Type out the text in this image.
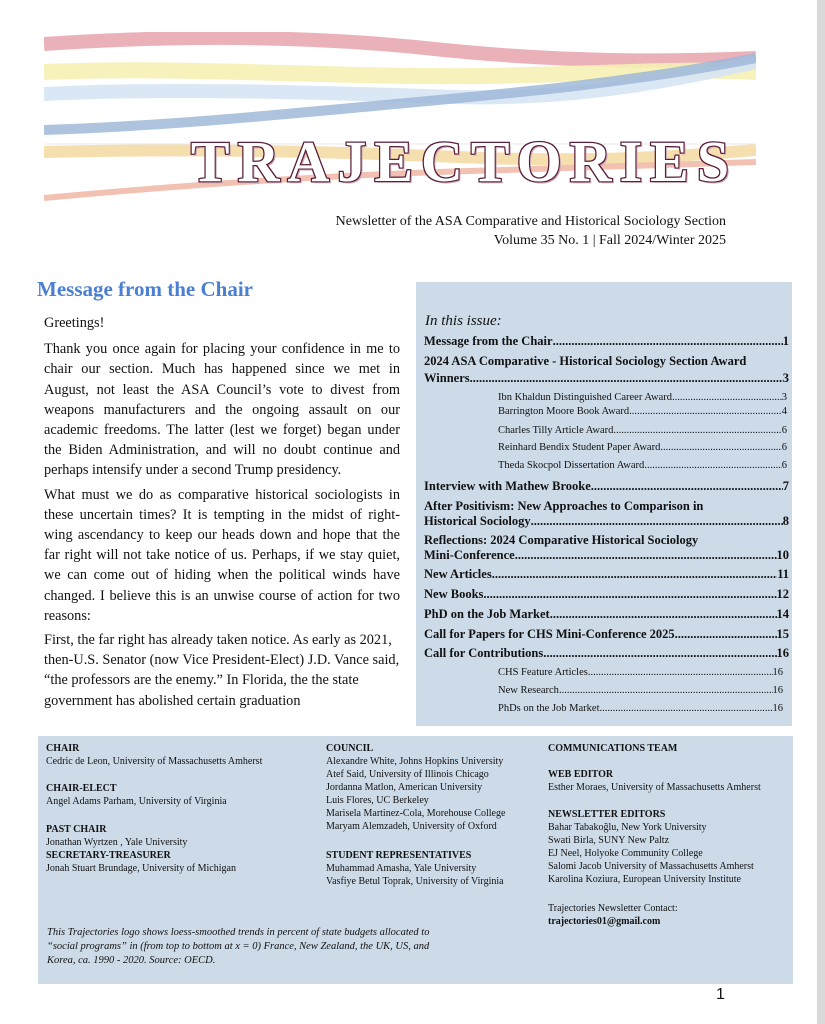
TRAJECTORIES
Newsletter of the ASA Comparative and Historical Sociology Section
Volume 35 No. 1 | Fall 2024/Winter 2025
Message from the Chair

Greetings!

Thank you once again for placing your confidence in me to chair our section. Much has happened since we met in August, not least the ASA Council’s vote to divest from weapons manufacturers and the ongoing assault on our academic freedoms. The latter (lest we forget) began under the Biden Administration, and will no doubt continue and perhaps intensify under a second Trump presidency.

What must we do as comparative historical sociologists in these uncertain times? It is tempting in the midst of right-wing ascendancy to keep our heads down and hope that the far right will not take notice of us. Perhaps, if we stay quiet, we can come out of hiding when the political winds have changed. I believe this is an unwise course of action for two reasons:

First, the far right has already taken notice. As early as 2021, then-U.S. Senator (now Vice President-Elect) J.D. Vance said, “the professors are the enemy.” In Florida, the the state government has abolished certain graduation

In this issue:
Message from the Chair .....	1
2024 ASA Comparative - Historical Sociology Section Award
Winners .....	3
Ibn Khaldun Distinguished Career Award .....	3
Barrington Moore Book Award .....	4
Charles Tilly Article Award .....	6
Reinhard Bendix Student Paper Award .....	6
Theda Skocpol Dissertation Award .....	6
Interview with Mathew Brooke .....	7
After Positivism: New Approaches to Comparison in
Historical Sociology .....	8
Reflections: 2024 Comparative Historical Sociology
Mini-Conference .....	10
New Articles .....	11
New Books .....	12
PhD on the Job Market .....	14
Call for Papers for CHS Mini-Conference 2025 .....	15
Call for Contributions .....	16
CHS Feature Articles .....	16
New Research .....	16
PhDs on the Job Market .....	16
CHAIR
Cedric de Leon, University of Massachusetts Amherst
CHAIR-ELECT
Angel Adams Parham, University of Virginia
PAST CHAIR
Jonathan Wyrtzen , Yale University
SECRETARY-TREASURER
Jonah Stuart Brundage, University of Michigan
COUNCIL
Alexandre White, Johns Hopkins University
Atef Said, University of Illinois Chicago
Jordanna Matlon, American University
Luis Flores, UC Berkeley
Marisela Martinez-Cola, Morehouse College
Maryam Alemzadeh, University of Oxford
STUDENT REPRESENTATIVES
Muhammad Amasha, Yale University
Vasfiye Betul Toprak, University of Virginia
COMMUNICATIONS TEAM
WEB EDITOR
Esther Moraes, University of Massachusetts Amherst
NEWSLETTER EDITORS
Bahar Tabakoğlu, New York University
Swati Birla, SUNY New Paltz
EJ Neel, Holyoke Community College
Salomi Jacob University of Massachusetts Amherst
Karolina Koziura, European University Institute
Trajectories Newsletter Contact:
trajectories01@gmail.com
This Trajectories logo shows loess-smoothed trends in percent of state budgets allocated to “social programs” in (from top to bottom at x = 0) France, New Zealand, the UK, US, and Korea, ca. 1990 - 2020. Source: OECD.
1
